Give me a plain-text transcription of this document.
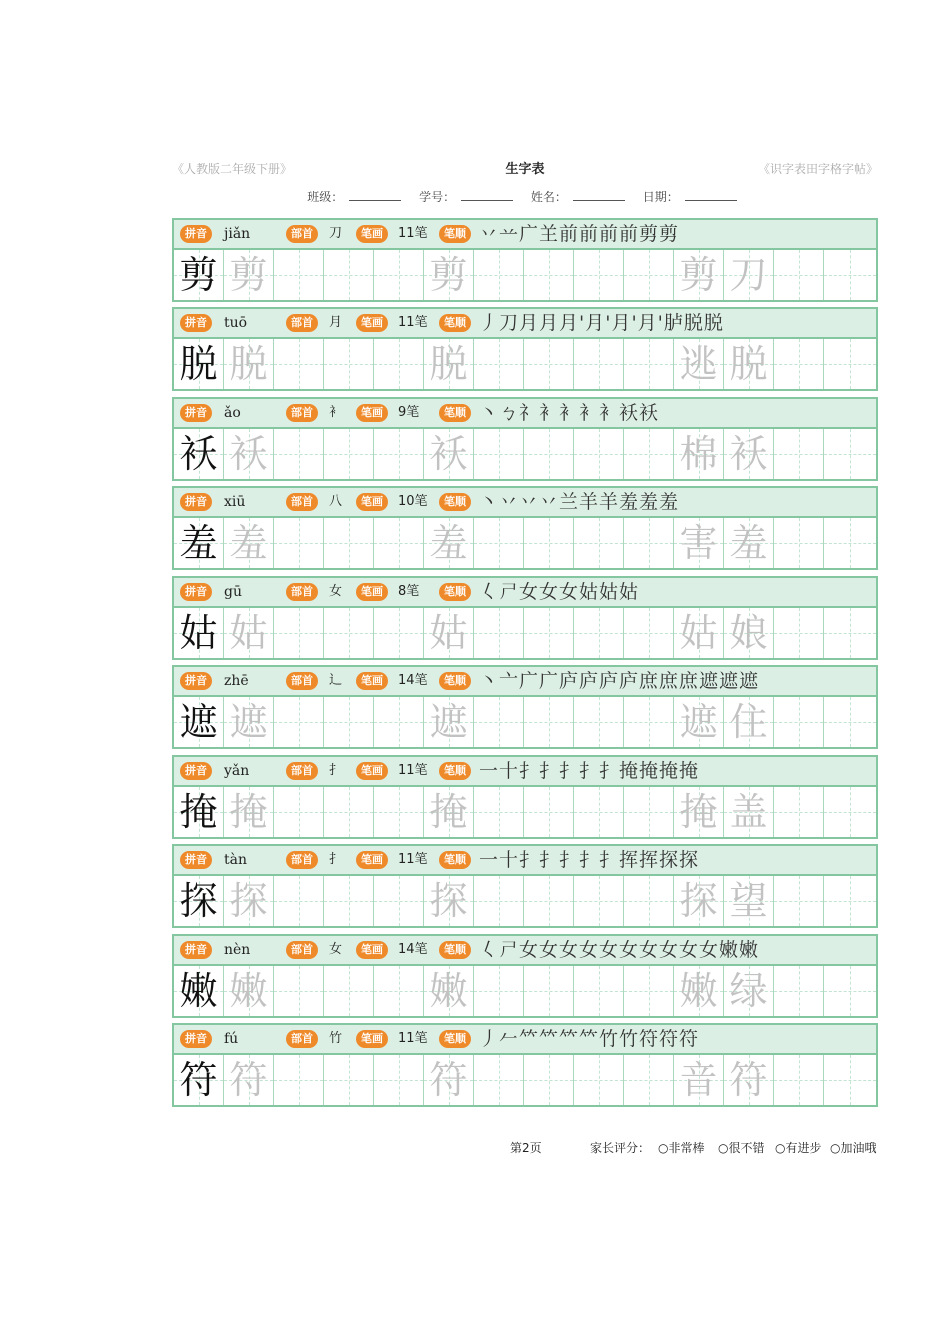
《人教版二年级下册》	生字表	《识字表田字格字帖》
班级：	学号：	姓名：	日期：
拼音	jiǎn	部首	刀	笔画	11笔	笔顺 丷䒑广𦍌前前前前剪剪
剪 剪	剪	剪 刀
拼音	tuō	部首	月	笔画	11笔	笔顺 丿刀月月月'月'月'月'胪脱脱
脱 脱	脱	逃 脱
拼音	ǎo	部首	衤	笔画	9笔	笔顺 丶ㄅ礻衤衤衤衤袄袄
袄 袄	袄	棉 袄
拼音	xiū	部首	八	笔画	10笔	笔顺 丶丷丷丷兰羊羊羞羞羞
羞 羞	羞	害 羞
拼音	gū	部首	女	笔画	8笔	笔顺 𡿨𡰣女女女姑姑姑
姑 姑	姑	姑 娘
拼音	zhē	部首	辶	笔画	14笔	笔顺 丶亠广广庐庐庐庐庶庶庶遮遮遮
遮 遮	遮	遮 住
拼音	yǎn	部首	扌	笔画	11笔	笔顺 一十扌扌扌扌扌掩掩掩掩
掩 掩	掩	掩 盖
拼音	tàn	部首	扌	笔画	11笔	笔顺 一十扌扌扌扌扌挥挥探探
探 探	探	探 望
拼音	nèn	部首	女	笔画	14笔	笔顺 𡿨𡰣女女女女女女女女女女嫩嫩
嫩 嫩	嫩	嫩 绿
拼音	fú	部首	竹	笔画	11笔	笔顺 丿𠂉𥫗𥫗𥫗𥫗竹竹符符符
符 符	符	音 符
第2页	家长评分： ○非常棒 ○很不错 ○有进步 ○加油哦
